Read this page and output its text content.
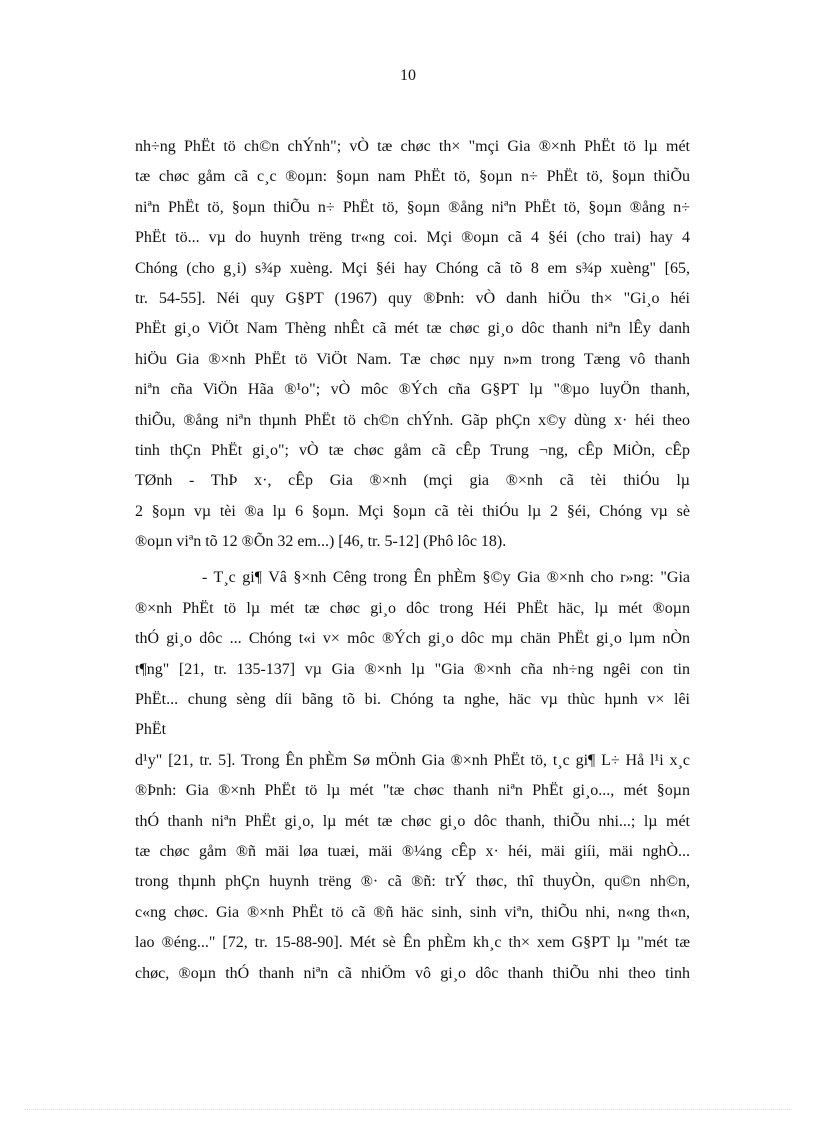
10
nh÷ng PhËt tö ch©n chÝnh"; vÒ tæ chøc th× "mçi Gia ®×nh PhËt tö lµ mét
tæ chøc gåm cã c¸c ®oµn: §oµn nam PhËt tö, §oµn n÷ PhËt tö, §oµn thiÕu
niªn PhËt tö, §oµn thiÕu n÷ PhËt tö, §oµn ®ång niªn PhËt tö, §oµn ®ång n÷
PhËt tö... vµ do huynh trëng tr«ng coi. Mçi ®oµn cã 4 §éi (cho trai) hay 4
Chóng (cho g¸i) s¾p xuèng. Mçi §éi hay Chóng cã tõ 8 em s¾p xuèng" [65,
tr. 54-55]. Néi quy G§PT (1967) quy ®Þnh: vÒ danh hiÖu th× "Gi¸o héi
PhËt gi¸o ViÖt Nam Thèng nhÊt cã mét tæ chøc gi¸o dôc thanh niªn lÊy danh
hiÖu Gia ®×nh PhËt tö ViÖt Nam. Tæ chøc nµy n»m trong Tæng vô thanh
niªn cña ViÖn Hãa ®¹o"; vÒ môc ®Ých cña G§PT lµ "®µo luyÖn thanh,
thiÕu, ®ång niªn thµnh PhËt tö ch©n chÝnh. Gãp phÇn x©y dùng x· héi theo
tinh thÇn PhËt gi¸o"; vÒ tæ chøc gåm cã cÊp Trung ¬ng, cÊp MiÒn, cÊp
TØnh - ThÞ x·, cÊp Gia ®×nh (mçi gia ®×nh cã tèi thiÓu lµ
2 §oµn vµ tèi ®a lµ 6 §oµn. Mçi §oµn cã tèi thiÓu lµ 2 §éi, Chóng vµ sè
®oµn viªn tõ 12 ®Õn 32 em...) [46, tr. 5-12] (Phô lôc 18).
- T¸c gi¶ Vâ §×nh Cêng trong Ên phÈm §©y Gia ®×nh cho r»ng: "Gia
®×nh PhËt tö lµ mét tæ chøc gi¸o dôc trong Héi PhËt häc, lµ mét ®oµn
thÓ gi¸o dôc ... Chóng t«i v× môc ®Ých gi¸o dôc mµ chän PhËt gi¸o lµm nÒn
t¶ng" [21, tr. 135-137] vµ Gia ®×nh lµ "Gia ®×nh cña nh÷ng ngêi con tin
PhËt... chung sèng díi bãng tõ bi. Chóng ta nghe, häc vµ thùc hµnh v× lêi
PhËt
d¹y" [21, tr. 5]. Trong Ên phÈm Sø mÖnh Gia ®×nh PhËt tö, t¸c gi¶ L÷ Hå l¹i x¸c
®Þnh: Gia ®×nh PhËt tö lµ mét "tæ chøc thanh niªn PhËt gi¸o..., mét §oµn
thÓ thanh niªn PhËt gi¸o, lµ mét tæ chøc gi¸o dôc thanh, thiÕu nhi...; lµ mét
tæ chøc gåm ®ñ mäi løa tuæi, mäi ®¼ng cÊp x· héi, mäi giíi, mäi nghÒ...
trong thµnh phÇn huynh trëng ®· cã ®ñ: trÝ thøc, thî thuyÒn, qu©n nh©n,
c«ng chøc. Gia ®×nh PhËt tö cã ®ñ häc sinh, sinh viªn, thiÕu nhi, n«ng th«n,
lao ®éng..." [72, tr. 15-88-90]. Mét sè Ên phÈm kh¸c th× xem G§PT lµ "mét tæ
chøc, ®oµn thÓ thanh niªn cã nhiÖm vô gi¸o dôc thanh thiÕu nhi theo tinh
